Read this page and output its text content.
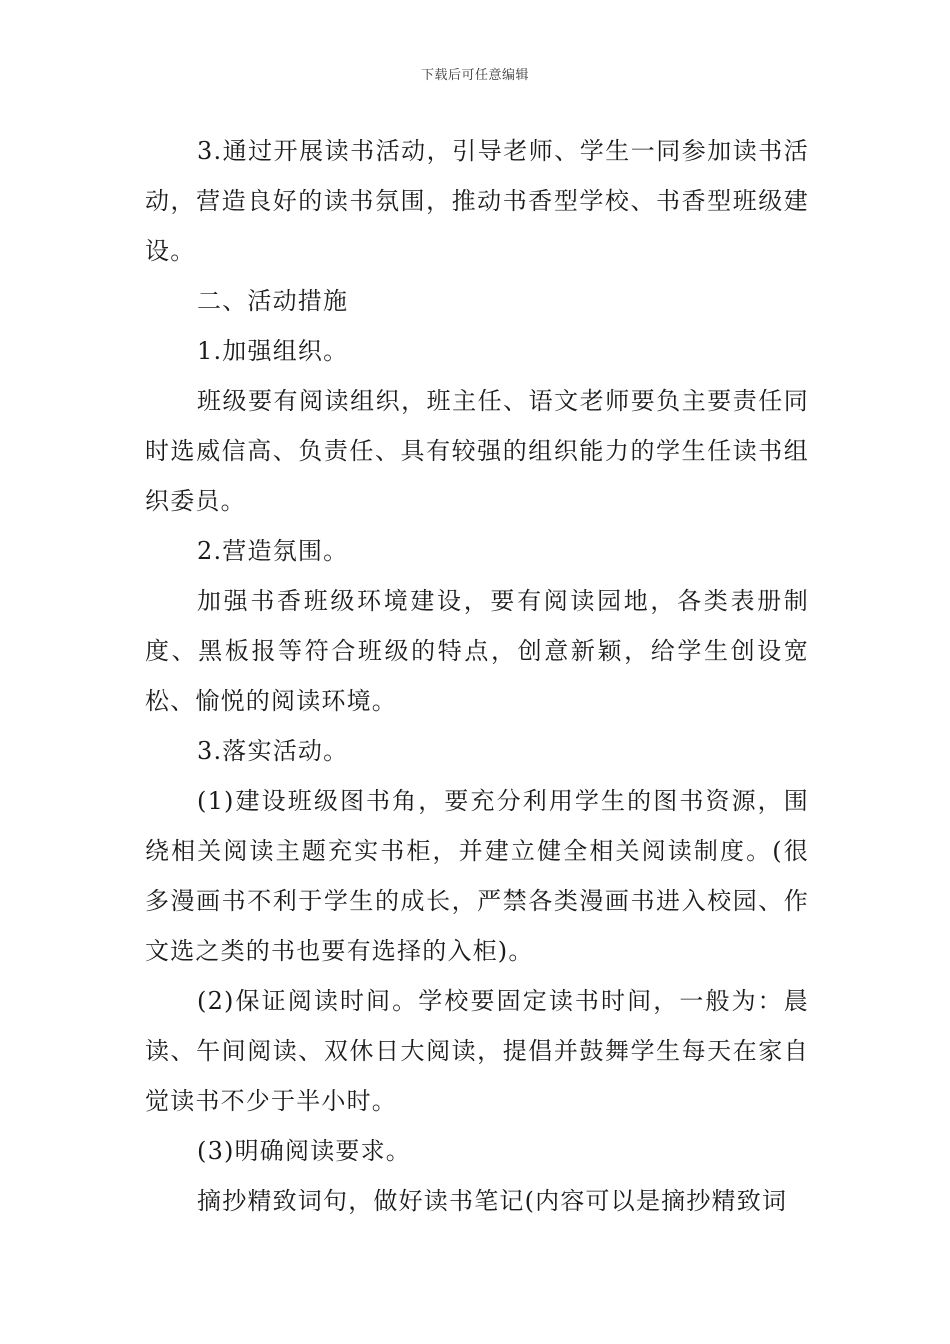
下载后可任意编辑

3.通过开展读书活动，引导老师、学生一同参加读书活动，营造良好的读书氛围，推动书香型学校、书香型班级建设。

二、活动措施

1.加强组织。

班级要有阅读组织，班主任、语文老师要负主要责任同时选威信高、负责任、具有较强的组织能力的学生任读书组织委员。

2.营造氛围。

加强书香班级环境建设，要有阅读园地，各类表册制度、黑板报等符合班级的特点，创意新颖，给学生创设宽松、愉悦的阅读环境。

3.落实活动。

(1)建设班级图书角，要充分利用学生的图书资源，围绕相关阅读主题充实书柜，并建立健全相关阅读制度。(很多漫画书不利于学生的成长，严禁各类漫画书进入校园、作文选之类的书也要有选择的入柜)。

(2)保证阅读时间。学校要固定读书时间，一般为：晨读、午间阅读、双休日大阅读，提倡并鼓舞学生每天在家自觉读书不少于半小时。

(3)明确阅读要求。

摘抄精致词句，做好读书笔记(内容可以是摘抄精致词
